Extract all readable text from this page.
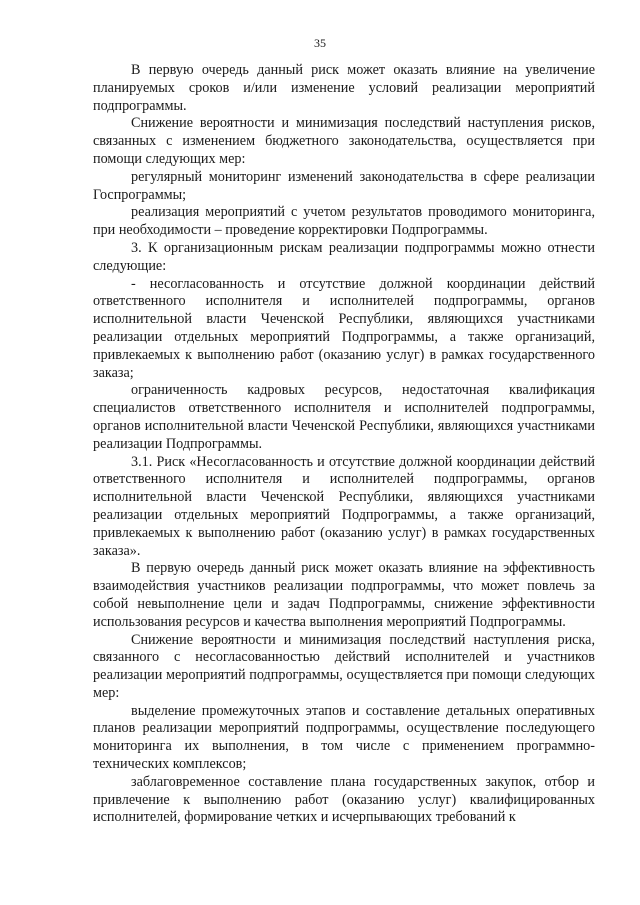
35

В первую очередь данный риск может оказать влияние на увеличение планируемых сроков и/или изменение условий реализации мероприятий подпрограммы.

Снижение вероятности и минимизация последствий наступления рисков, связанных с изменением бюджетного законодательства, осуществляется при помощи следующих мер:

регулярный мониторинг изменений законодательства в сфере реализации Госпрограммы;

реализация мероприятий с учетом результатов проводимого мониторинга, при необходимости – проведение корректировки Подпрограммы.

3. К организационным рискам реализации подпрограммы можно отнести следующие:

- несогласованность и отсутствие должной координации действий ответственного исполнителя и исполнителей подпрограммы, органов исполнительной власти Чеченской Республики, являющихся участниками реализации отдельных мероприятий Подпрограммы, а также организаций, привлекаемых к выполнению работ (оказанию услуг) в рамках государственного заказа;

ограниченность кадровых ресурсов, недостаточная квалификация специалистов ответственного исполнителя и исполнителей подпрограммы, органов исполнительной власти Чеченской Республики, являющихся участниками реализации Подпрограммы.

3.1. Риск «Несогласованность и отсутствие должной координации действий ответственного исполнителя и исполнителей подпрограммы, органов исполнительной власти Чеченской Республики, являющихся участниками реализации отдельных мероприятий Подпрограммы, а также организаций, привлекаемых к выполнению работ (оказанию услуг) в рамках государственных заказа».

В первую очередь данный риск может оказать влияние на эффективность взаимодействия участников реализации подпрограммы, что может повлечь за собой невыполнение цели и задач Подпрограммы, снижение эффективности использования ресурсов и качества выполнения мероприятий Подпрограммы.

Снижение вероятности и минимизация последствий наступления риска, связанного с несогласованностью действий исполнителей и участников реализации мероприятий подпрограммы, осуществляется при помощи следующих мер:

выделение промежуточных этапов и составление детальных оперативных планов реализации мероприятий подпрограммы, осуществление последующего мониторинга их выполнения, в том числе с применением программно-технических комплексов;

заблаговременное составление плана государственных закупок, отбор и привлечение к выполнению работ (оказанию услуг) квалифицированных исполнителей, формирование четких и исчерпывающих требований к
